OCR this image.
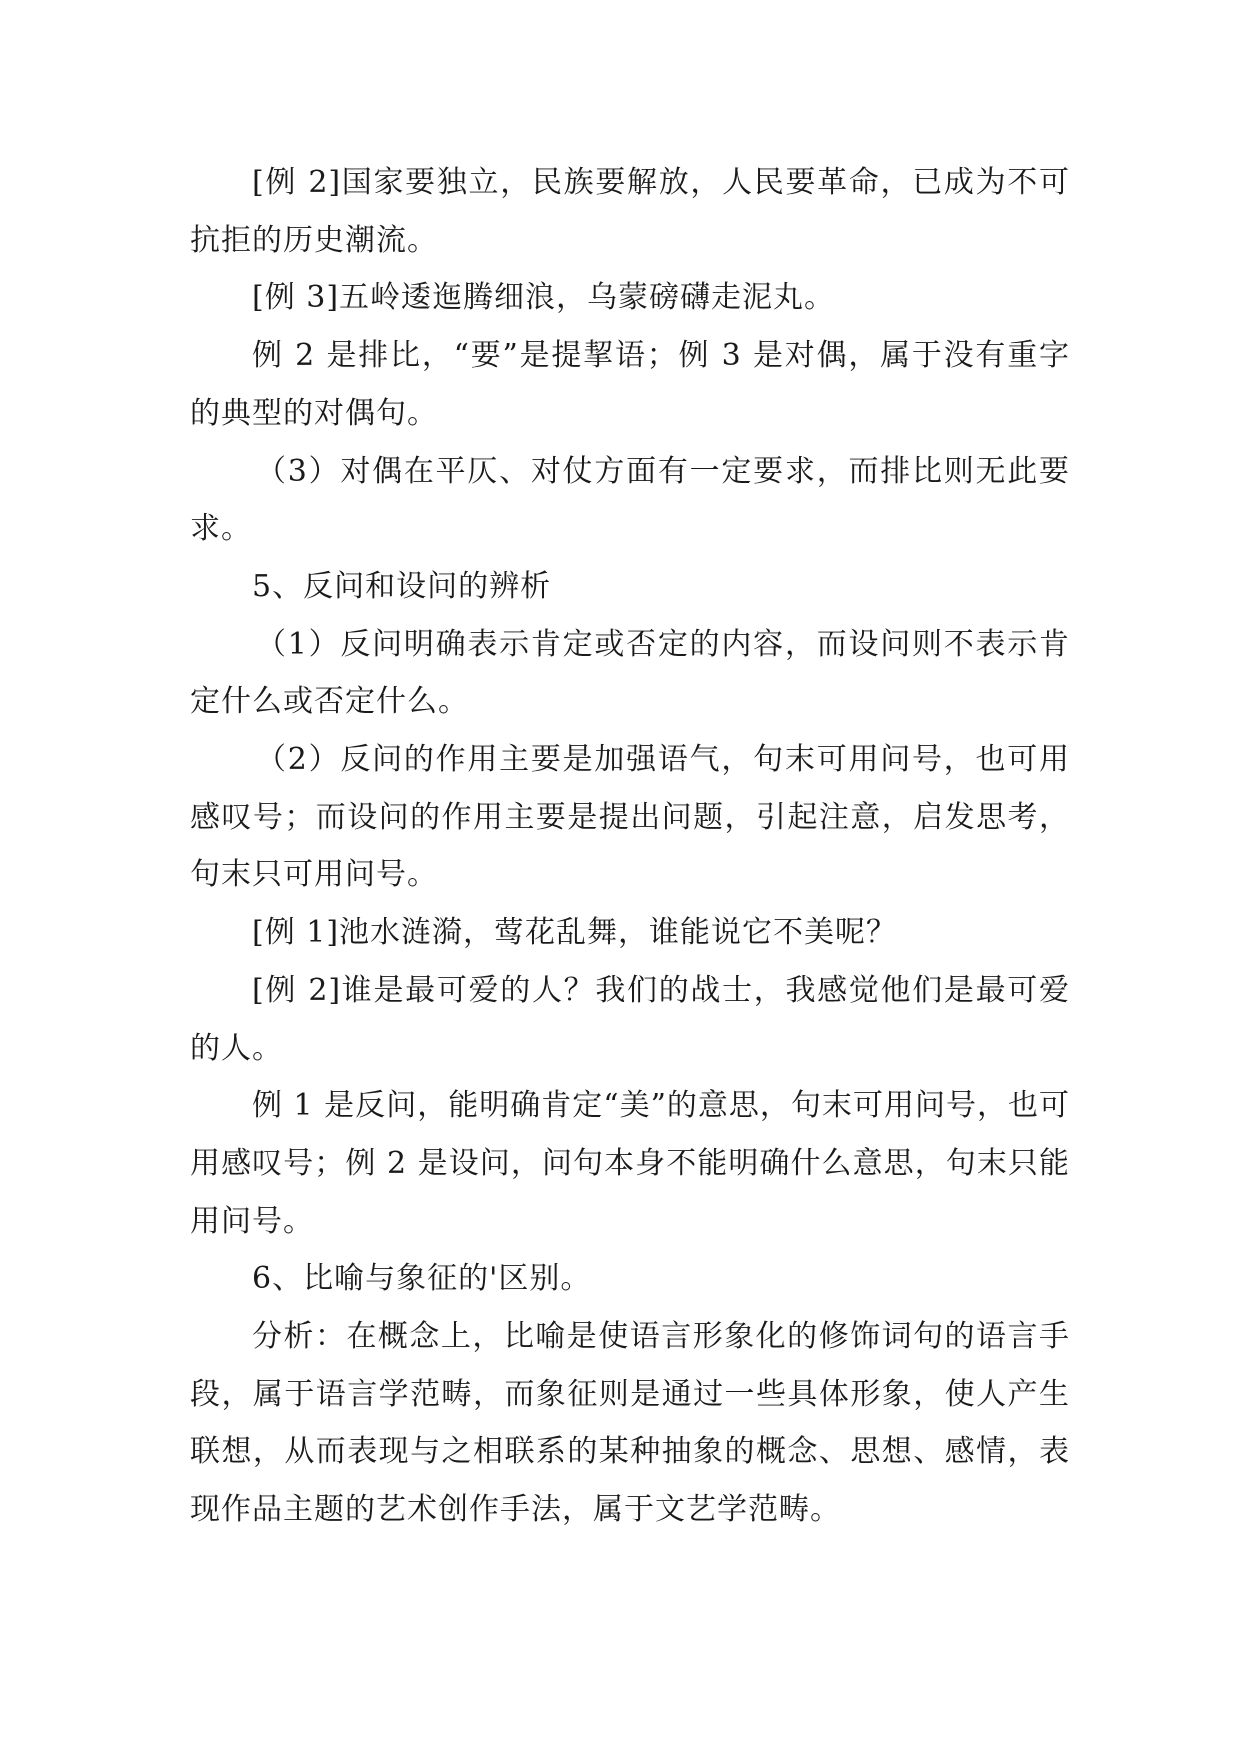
[例 2]国家要独立，民族要解放，人民要革命，已成为不可抗拒的历史潮流。

[例 3]五岭逶迤腾细浪，乌蒙磅礴走泥丸。

例 2 是排比，“要”是提挈语；例 3 是对偶，属于没有重字的典型的对偶句。

（3）对偶在平仄、对仗方面有一定要求，而排比则无此要求。

5、反问和设问的辨析

（1）反问明确表示肯定或否定的内容，而设问则不表示肯定什么或否定什么。

（2）反问的作用主要是加强语气，句末可用问号，也可用感叹号；而设问的作用主要是提出问题，引起注意，启发思考，句末只可用问号。

[例 1]池水涟漪，莺花乱舞，谁能说它不美呢？

[例 2]谁是最可爱的人？我们的战士，我感觉他们是最可爱的人。

例 1 是反问，能明确肯定“美”的意思，句末可用问号，也可用感叹号；例 2 是设问，问句本身不能明确什么意思，句末只能用问号。

6、比喻与象征的'区别。

分析：在概念上，比喻是使语言形象化的修饰词句的语言手段，属于语言学范畴，而象征则是通过一些具体形象，使人产生联想，从而表现与之相联系的某种抽象的概念、思想、感情，表现作品主题的艺术创作手法，属于文艺学范畴。
